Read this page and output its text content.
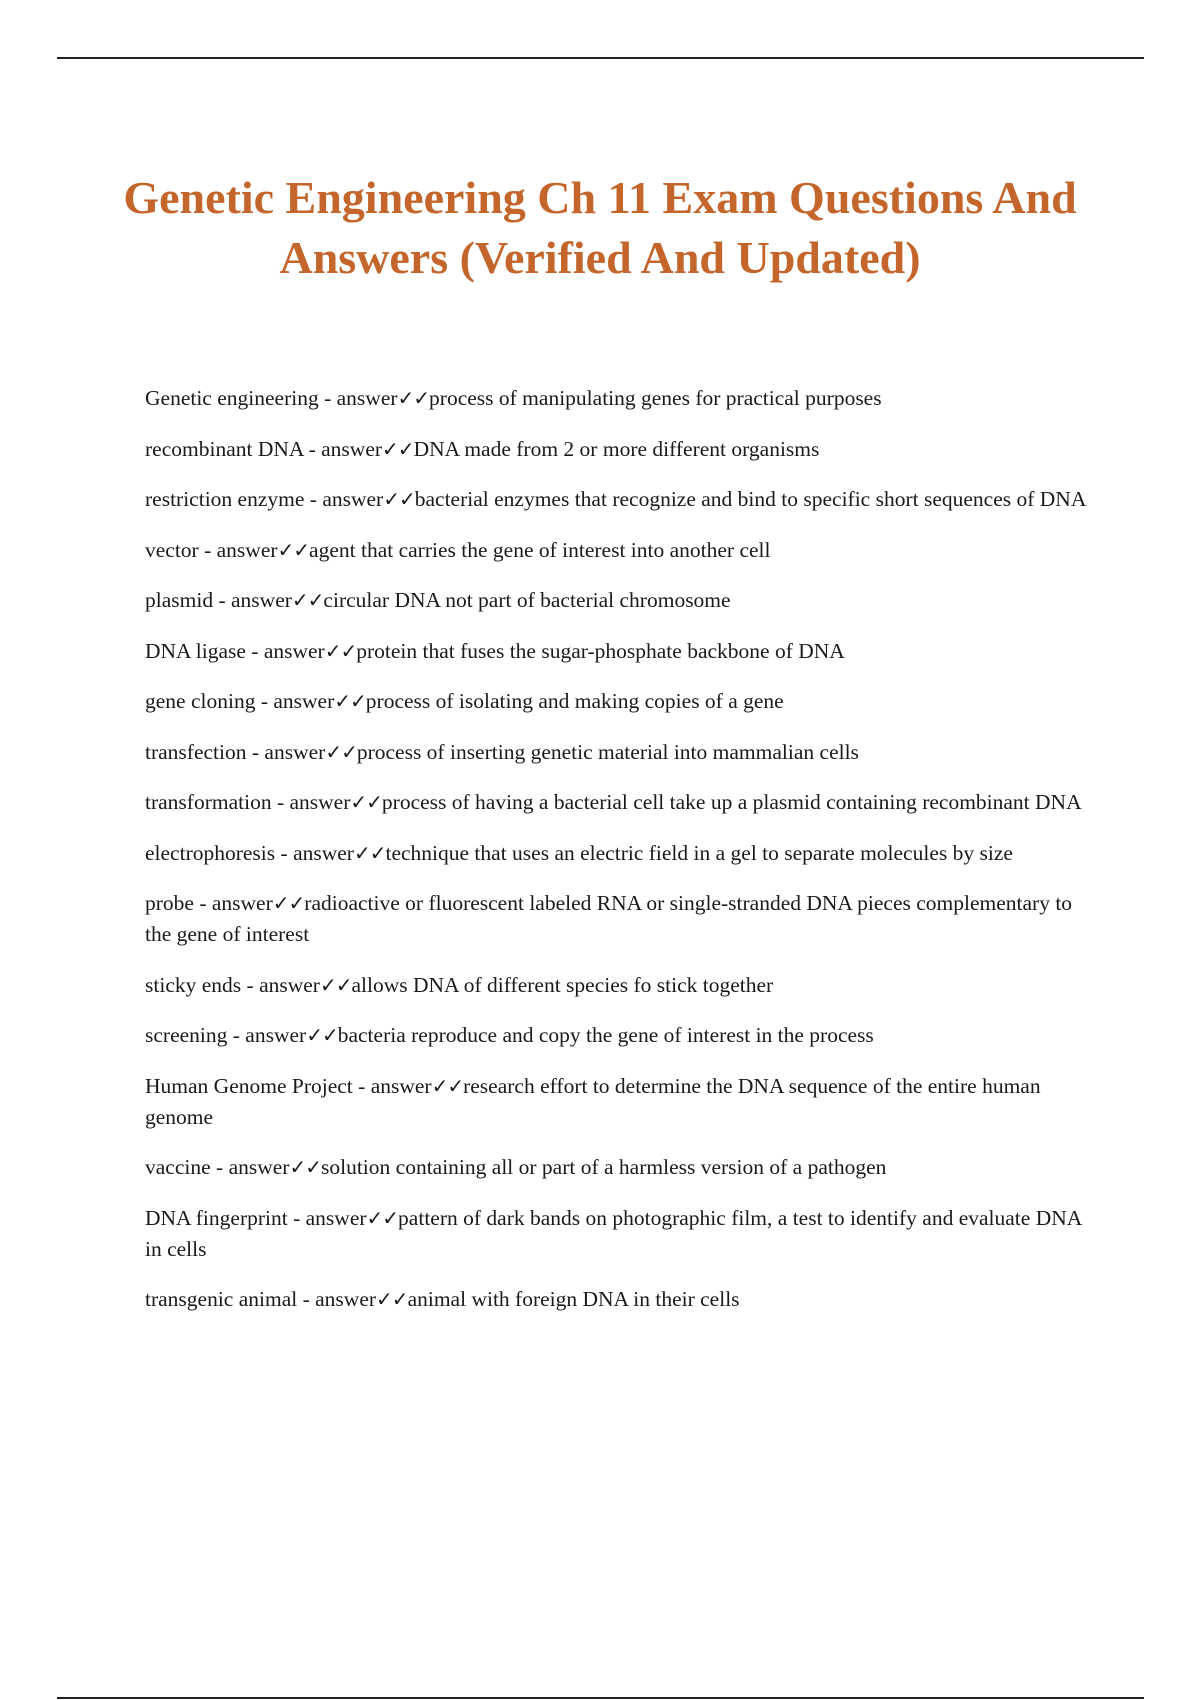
Genetic Engineering Ch 11 Exam Questions And Answers (Verified And Updated)
Genetic engineering - answer✓✓process of manipulating genes for practical purposes
recombinant DNA - answer✓✓DNA made from 2 or more different organisms
restriction enzyme - answer✓✓bacterial enzymes that recognize and bind to specific short sequences of DNA
vector - answer✓✓agent that carries the gene of interest into another cell
plasmid - answer✓✓circular DNA not part of bacterial chromosome
DNA ligase - answer✓✓protein that fuses the sugar-phosphate backbone of DNA
gene cloning - answer✓✓process of isolating and making copies of a gene
transfection - answer✓✓process of inserting genetic material into mammalian cells
transformation - answer✓✓process of having a bacterial cell take up a plasmid containing recombinant DNA
electrophoresis - answer✓✓technique that uses an electric field in a gel to separate molecules by size
probe - answer✓✓radioactive or fluorescent labeled RNA or single-stranded DNA pieces complementary to the gene of interest
sticky ends - answer✓✓allows DNA of different species fo stick together
screening - answer✓✓bacteria reproduce and copy the gene of interest in the process
Human Genome Project - answer✓✓research effort to determine the DNA sequence of the entire human genome
vaccine - answer✓✓solution containing all or part of a harmless version of a pathogen
DNA fingerprint - answer✓✓pattern of dark bands on photographic film, a test to identify and evaluate DNA in cells
transgenic animal - answer✓✓animal with foreign DNA in their cells
